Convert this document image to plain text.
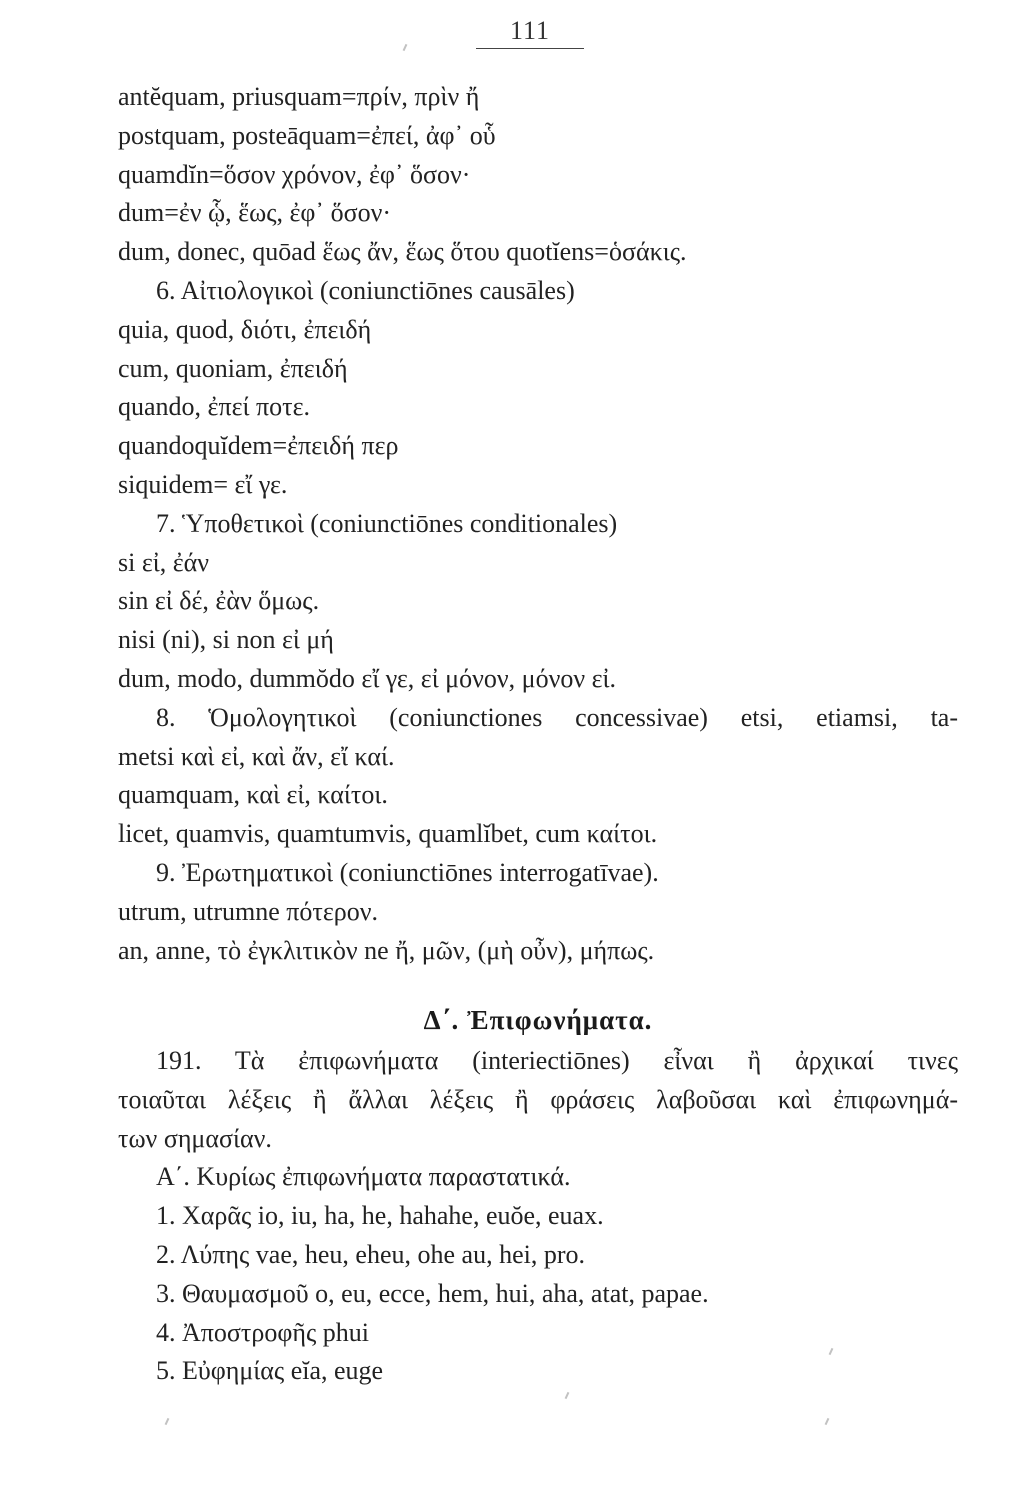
111
antĕquam, priusquam=πρίν, πρὶν ἤ
postquam, posteāquam=ἐπεί, ἀφ᾽ οὗ
quamdĭn=ὅσον χρόνον, ἐφ᾽ ὅσον·
dum=ἐν ᾧ, ἕως, ἐφ᾽ ὅσον·
dum, donec, quōad ἕως ἄν, ἕως ὅτου quotĭens=ὁσάκις.
6. Αἰτιολογικοὶ (coniunctiōnes causāles)
quia, quod, διότι, ἐπειδή
cum, quoniam, ἐπειδή
quando, ἐπεί ποτε.
quandoquĭdem=ἐπειδή περ
siquidem= εἴ γε.
7. Ὑποθετικοὶ (coniunctiōnes conditionales)
si εἰ, ἐάν
sin εἰ δέ, ἐὰν ὅμως.
nisi (ni), si non εἰ μή
dum, modo, dummŏdo εἴ γε, εἰ μόνον, μόνον εἰ.
8. Ὁμολογητικοὶ (coniunctiones concessivae) etsi, etiamsi, ta-
metsi καὶ εἰ, καὶ ἄν, εἴ καί.
quamquam, καὶ εἰ, καίτοι.
licet, quamvis, quamtumvis, quamlĭbet, cum καίτοι.
9. Ἐρωτηματικοὶ (coniunctiōnes interrogatīvae).
utrum, utrumne πότερον.
an, anne, τὸ ἐγκλιτικὸν ne ἤ, μῶν, (μὴ οὖν), μήπως.
Δ΄. Ἐπιφωνήματα.
191. Τὰ ἐπιφωνήματα (interiectiōnes) εἶναι ἢ ἀρχικαί τινες
τοιαῦται λέξεις ἢ ἄλλαι λέξεις ἢ φράσεις λαβοῦσαι καὶ ἐπιφωνημά-
των σημασίαν.
Α΄. Κυρίως ἐπιφωνήματα παραστατικά.
1. Χαρᾶς io, iu, ha, he, hahahe, euŏe, euax.
2. Λύπης vae, heu, eheu, ohe au, hei, pro.
3. Θαυμασμοῦ o, eu, ecce, hem, hui, aha, atat, papae.
4. Ἀποστροφῆς phui
5. Εὐφημίας eĭa, euge
